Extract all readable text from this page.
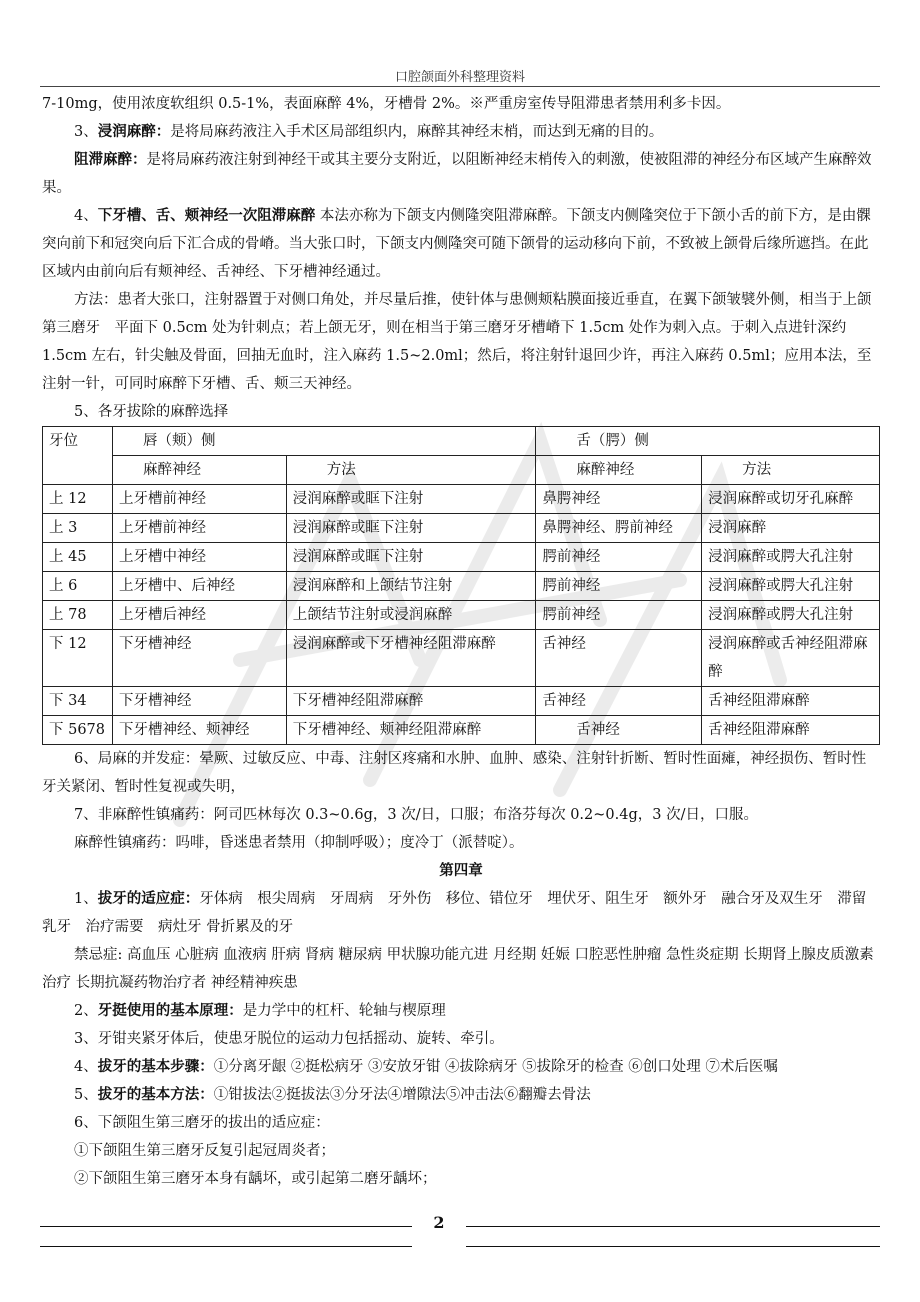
口腔颌面外科整理资料

7-10mg，使用浓度软组织 0.5-1%，表面麻醉 4%，牙槽骨 2%。※严重房室传导阻滞患者禁用利多卡因。

3、浸润麻醉：是将局麻药液注入手术区局部组织内，麻醉其神经末梢，而达到无痛的目的。

阻滞麻醉：是将局麻药液注射到神经干或其主要分支附近，以阻断神经末梢传入的刺激，使被阻滞的神经分布区域产生麻醉效果。

4、下牙槽、舌、颊神经一次阻滞麻醉 本法亦称为下颌支内侧隆突阻滞麻醉。下颌支内侧隆突位于下颌小舌的前下方，是由髁突向前下和冠突向后下汇合成的骨嵴。当大张口时，下颌支内侧隆突可随下颌骨的运动移向下前，不致被上颌骨后缘所遮挡。在此区域内由前向后有颊神经、舌神经、下牙槽神经通过。

方法：患者大张口，注射器置于对侧口角处，并尽量后推，使针体与患侧颊粘膜面接近垂直，在翼下颌皱襞外侧，相当于上颌第三磨牙　平面下 0.5cm 处为针刺点；若上颌无牙，则在相当于第三磨牙牙槽嵴下 1.5cm 处作为刺入点。于刺入点进针深约 1.5cm 左右，针尖触及骨面，回抽无血时，注入麻药 1.5~2.0ml；然后，将注射针退回少许，再注入麻药 0.5ml；应用本法，至注射一针，可同时麻醉下牙槽、舌、颊三天神经。

5、各牙拔除的麻醉选择

牙位	唇（颊）侧		舌（腭）侧	
	麻醉神经	方法	麻醉神经	方法
上 12	上牙槽前神经	浸润麻醉或眶下注射	鼻腭神经	浸润麻醉或切牙孔麻醉
上 3	上牙槽前神经	浸润麻醉或眶下注射	鼻腭神经、腭前神经	浸润麻醉
上 45	上牙槽中神经	浸润麻醉或眶下注射	腭前神经	浸润麻醉或腭大孔注射
上 6	上牙槽中、后神经	浸润麻醉和上颌结节注射	腭前神经	浸润麻醉或腭大孔注射
上 78	上牙槽后神经	上颌结节注射或浸润麻醉	腭前神经	浸润麻醉或腭大孔注射
下 12	下牙槽神经	浸润麻醉或下牙槽神经阻滞麻醉	舌神经	浸润麻醉或舌神经阻滞麻醉
下 34	下牙槽神经	下牙槽神经阻滞麻醉	舌神经	舌神经阻滞麻醉
下 5678	下牙槽神经、颊神经	下牙槽神经、颊神经阻滞麻醉	舌神经	舌神经阻滞麻醉

6、局麻的并发症：晕厥、过敏反应、中毒、注射区疼痛和水肿、血肿、感染、注射针折断、暂时性面瘫，神经损伤、暂时性牙关紧闭、暂时性复视或失明，

7、非麻醉性镇痛药：阿司匹林每次 0.3~0.6g，3 次/日，口服；布洛芬每次 0.2~0.4g，3 次/日，口服。

麻醉性镇痛药：吗啡，昏迷患者禁用（抑制呼吸）；度冷丁（派替啶）。

第四章

1、拔牙的适应症：牙体病　根尖周病　牙周病　牙外伤　移位、错位牙　埋伏牙、阻生牙　额外牙　融合牙及双生牙　滞留乳牙　治疗需要　病灶牙 骨折累及的牙

禁忌症: 高血压 心脏病 血液病 肝病 肾病 糖尿病 甲状腺功能亢进 月经期 妊娠 口腔恶性肿瘤 急性炎症期 长期肾上腺皮质激素治疗 长期抗凝药物治疗者 神经精神疾患

2、牙挺使用的基本原理：是力学中的杠杆、轮轴与楔原理

3、牙钳夹紧牙体后，使患牙脱位的运动力包括摇动、旋转、牵引。

4、拔牙的基本步骤：①分离牙龈 ②挺松病牙 ③安放牙钳 ④拔除病牙 ⑤拔除牙的检查 ⑥创口处理 ⑦术后医嘱

5、拔牙的基本方法：①钳拔法②挺拔法③分牙法④增隙法⑤冲击法⑥翻瓣去骨法

6、下颌阻生第三磨牙的拔出的适应症：

①下颌阻生第三磨牙反复引起冠周炎者；

②下颌阻生第三磨牙本身有龋坏，或引起第二磨牙龋坏；

2
